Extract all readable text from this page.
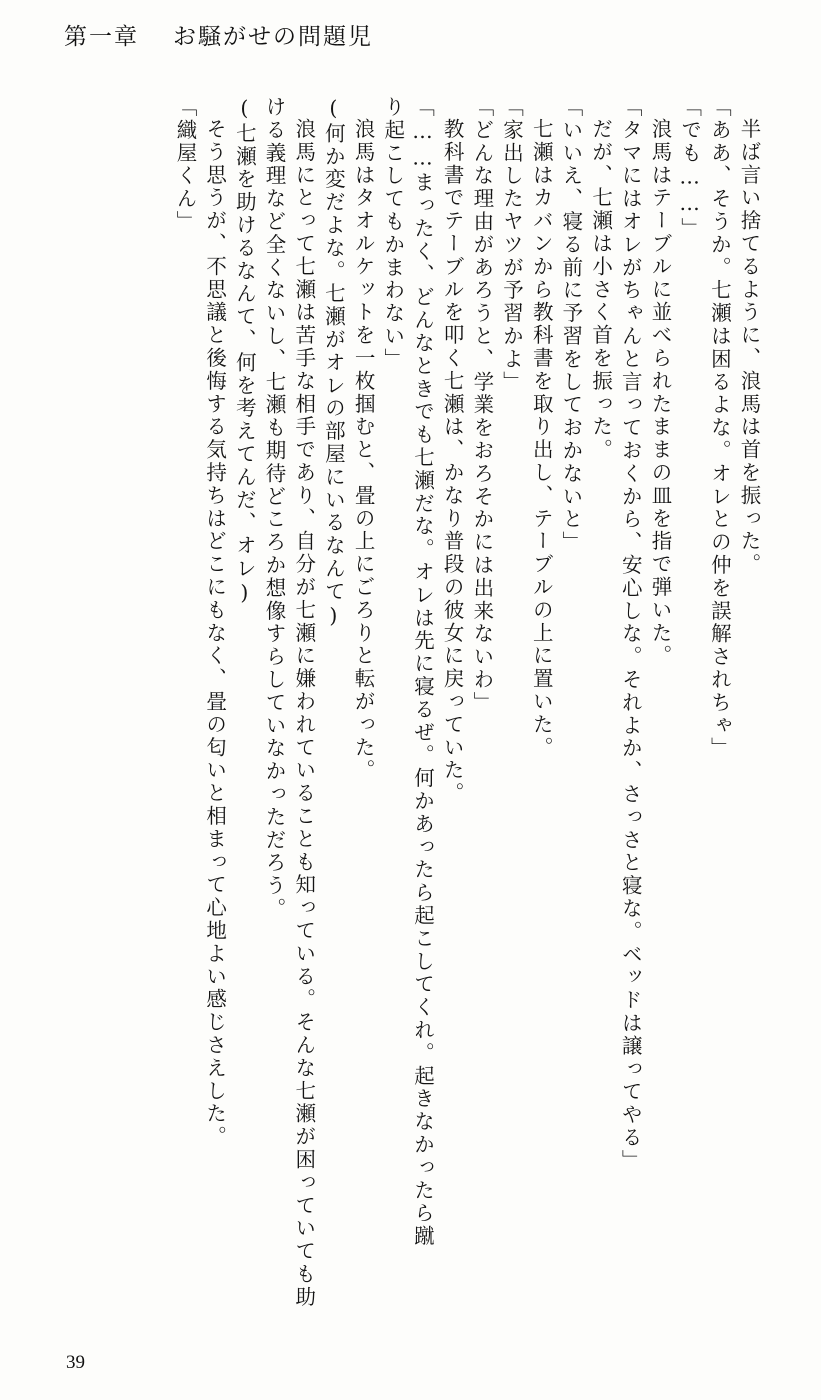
第一章 お騒がせの問題児
半ば言い捨てるように、浪馬は首を振った。
「ああ、そうか。七瀬は困るよな。オレとの仲を誤解されちゃ」
「でも……」
浪馬はテーブルに並べられたままの皿を指で弾いた。
「タマにはオレがちゃんと言っておくから、安心しな。それよか、さっさと寝な。ベッドは譲ってやる」
だが、七瀬は小さく首を振った。
「いいえ、寝る前に予習をしておかないと」
七瀬はカバンから教科書を取り出し、テーブルの上に置いた。
「家出したヤツが予習かよ」
「どんな理由があろうと、学業をおろそかには出来ないわ」
教科書でテーブルを叩く七瀬は、かなり普段の彼女に戻っていた。
「……まったく、どんなときでも七瀬だな。オレは先に寝るぜ。何かあったら起こしてくれ。起きなかったら蹴
り起こしてもかまわない」
浪馬はタオルケットを一枚掴むと、畳の上にごろりと転がった。
(何か変だよな。七瀬がオレの部屋にいるなんて)
浪馬にとって七瀬は苦手な相手であり、自分が七瀬に嫌われていることも知っている。そんな七瀬が困っていても助
ける義理など全くないし、七瀬も期待どころか想像すらしていなかっただろう。
(七瀬を助けるなんて、何を考えてんだ、オレ)
そう思うが、不思議と後悔する気持ちはどこにもなく、畳の匂いと相まって心地よい感じさえした。
「織屋くん」
39
